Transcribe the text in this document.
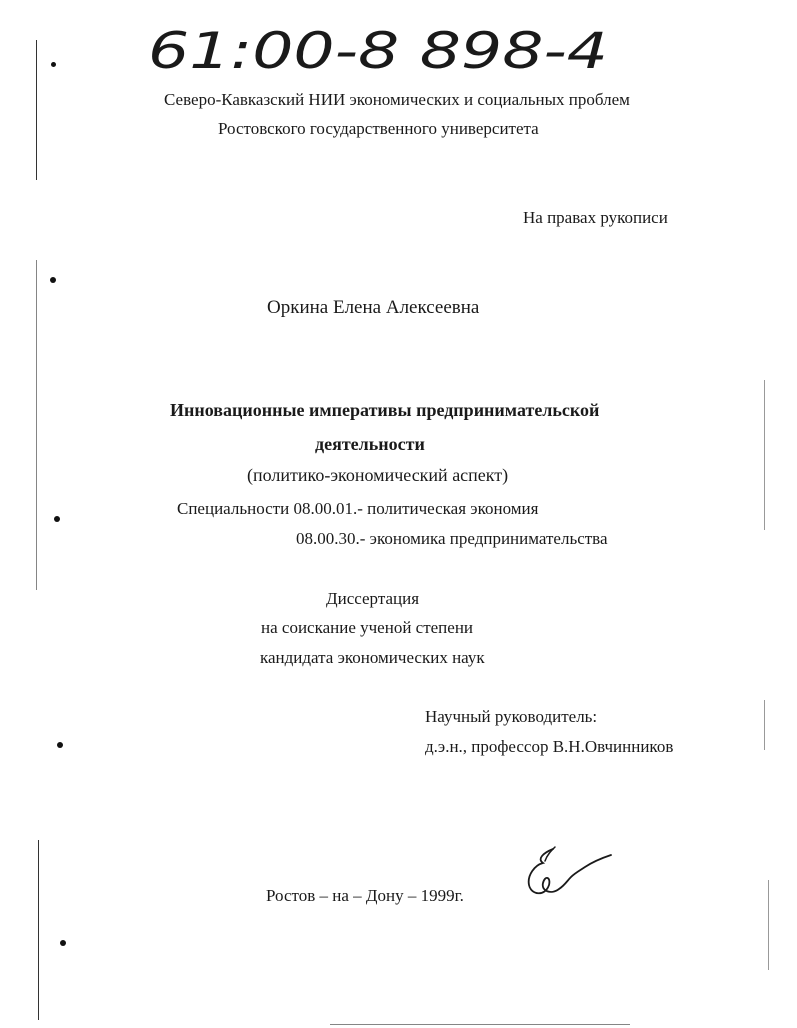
61:00-8 898-4
Северо-Кавказский НИИ экономических и социальных проблем
Ростовского государственного университета
На правах рукописи
Оркина Елена Алексеевна
Инновационные императивы предпринимательской
деятельности
(политико-экономический аспект)
Специальности 08.00.01.- политическая экономия
08.00.30.- экономика предпринимательства
Диссертация
на соискание ученой степени
кандидата экономических наук
Научный руководитель:
д.э.н., профессор В.Н.Овчинников
Ростов – на – Дону – 1999г.
